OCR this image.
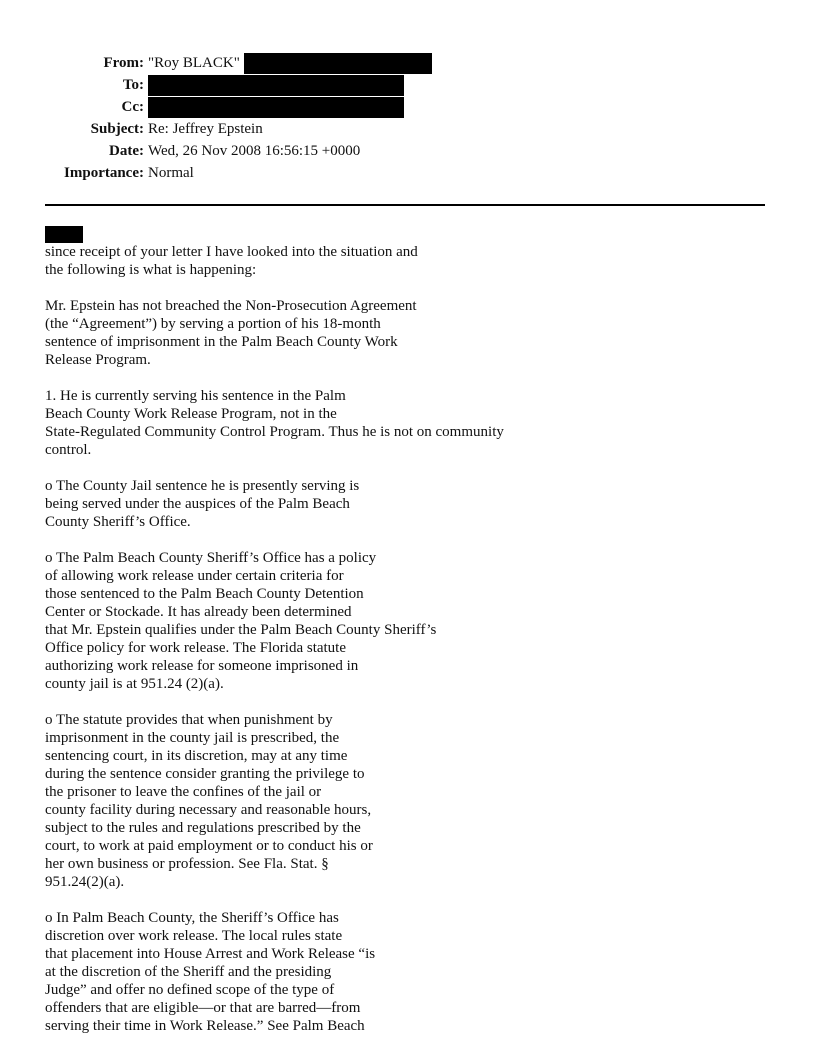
From: "Roy BLACK"
To:
Cc:
Subject: Re: Jeffrey Epstein
Date: Wed, 26 Nov 2008 16:56:15 +0000
Importance: Normal
since receipt of your letter I have looked into the situation and
the following is what is happening:
Mr. Epstein has not breached the Non-Prosecution Agreement
(the “Agreement”) by serving a portion of his 18-month
sentence of imprisonment in the Palm Beach County Work
Release Program.
1. He is currently serving his sentence in the Palm
Beach County Work Release Program, not in the
State-Regulated Community Control Program. Thus he is not on community
control.
o The County Jail sentence he is presently serving is
being served under the auspices of the Palm Beach
County Sheriff’s Office.
o The Palm Beach County Sheriff’s Office has a policy
of allowing work release under certain criteria for
those sentenced to the Palm Beach County Detention
Center or Stockade. It has already been determined
that Mr. Epstein qualifies under the Palm Beach County Sheriff’s
Office policy for work release. The Florida statute
authorizing work release for someone imprisoned in
county jail is at 951.24 (2)(a).
o The statute provides that when punishment by
imprisonment in the county jail is prescribed, the
sentencing court, in its discretion, may at any time
during the sentence consider granting the privilege to
the prisoner to leave the confines of the jail or
county facility during necessary and reasonable hours,
subject to the rules and regulations prescribed by the
court, to work at paid employment or to conduct his or
her own business or profession. See Fla. Stat. §
951.24(2)(a).
o In Palm Beach County, the Sheriff’s Office has
discretion over work release. The local rules state
that placement into House Arrest and Work Release “is
at the discretion of the Sheriff and the presiding
Judge” and offer no defined scope of the type of
offenders that are eligible—or that are barred—from
serving their time in Work Release.” See Palm Beach
